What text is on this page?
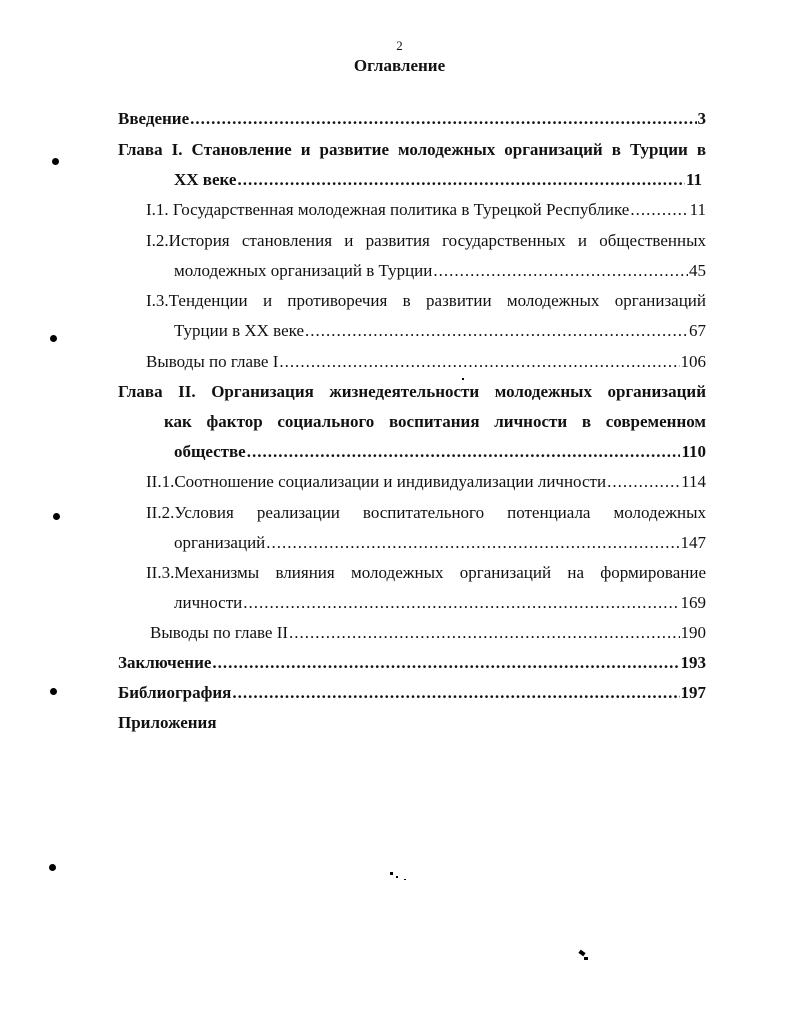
2
Оглавление
Введение .....	3
Глава I. Становление и развитие молодежных организаций в Турции в
XX веке .....	11
I.1. Государственная молодежная политика в Турецкой Республике .....	11
I.2.История становления и развития государственных и общественных
молодежных организаций в Турции .....	45
I.3.Тенденции и противоречия в развитии молодежных организаций
Турции в XX веке .....	67
Выводы по главе I .....	106
Глава II. Организация жизнедеятельности молодежных организаций
как фактор социального воспитания личности в современном
обществе .....	110
II.1.Соотношение социализации и индивидуализации личности .....	114
II.2.Условия реализации воспитательного потенциала молодежных
организаций .....	147
II.3.Механизмы влияния молодежных организаций на формирование
личности .....	169
Выводы по главе II .....	190
Заключение .....	193
Библиография .....	197
Приложения
